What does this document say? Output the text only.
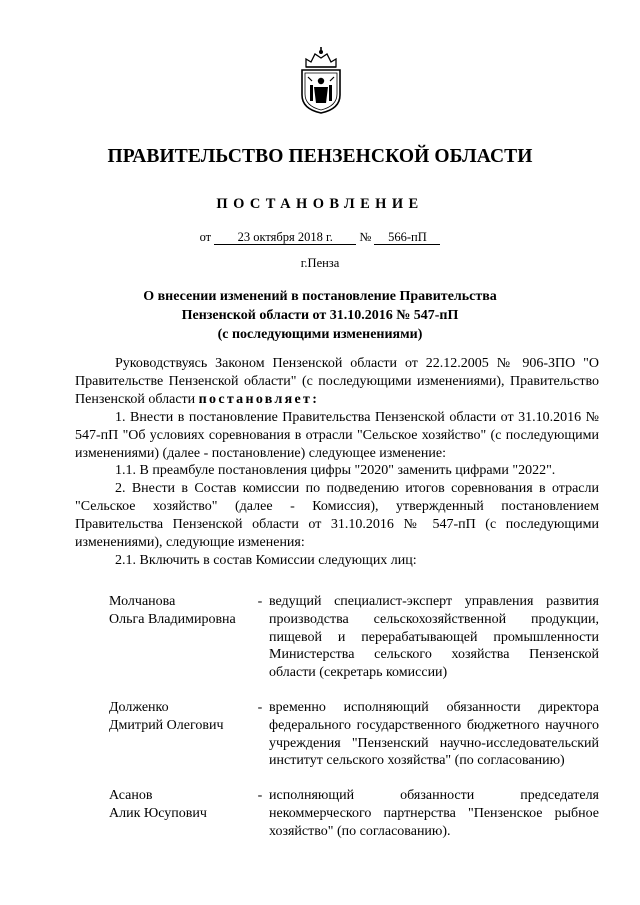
ПРАВИТЕЛЬСТВО ПЕНЗЕНСКОЙ ОБЛАСТИ
ПОСТАНОВЛЕНИЕ
от 23 октября 2018 г. № 566-пП
г.Пенза
О внесении изменений в постановление Правительства
Пензенской области от 31.10.2016 № 547-пП
(с последующими изменениями)

Руководствуясь Законом Пензенской области от 22.12.2005 № 906-ЗПО "О Правительстве Пензенской области" (с последующими изменениями), Правительство Пензенской области постановляет:

1. Внести в постановление Правительства Пензенской области от 31.10.2016 № 547-пП "Об условиях соревнования в отрасли "Сельское хозяйство" (с последующими изменениями) (далее - постановление) следующее изменение:

1.1. В преамбуле постановления цифры "2020" заменить цифрами "2022".

2. Внести в Состав комиссии по подведению итогов соревнования в отрасли "Сельское хозяйство" (далее - Комиссия), утвержденный постановлением Правительства Пензенской области от 31.10.2016 № 547-пП (с последующими изменениями), следующие изменения:

2.1. Включить в состав Комиссии следующих лиц:

Молчанова
Ольга Владимировна
- ведущий специалист-эксперт управления развития производства сельскохозяйственной продукции, пищевой и перерабатывающей промышленности Министерства сельского хозяйства Пензенской области (секретарь комиссии)
Долженко
Дмитрий Олегович
- временно исполняющий обязанности директора федерального государственного бюджетного научного учреждения "Пензенский научно-исследовательский институт сельского хозяйства" (по согласованию)
Асанов
Алик Юсупович
- исполняющий обязанности председателя некоммерческого партнерства "Пензенское рыбное хозяйство" (по согласованию).
